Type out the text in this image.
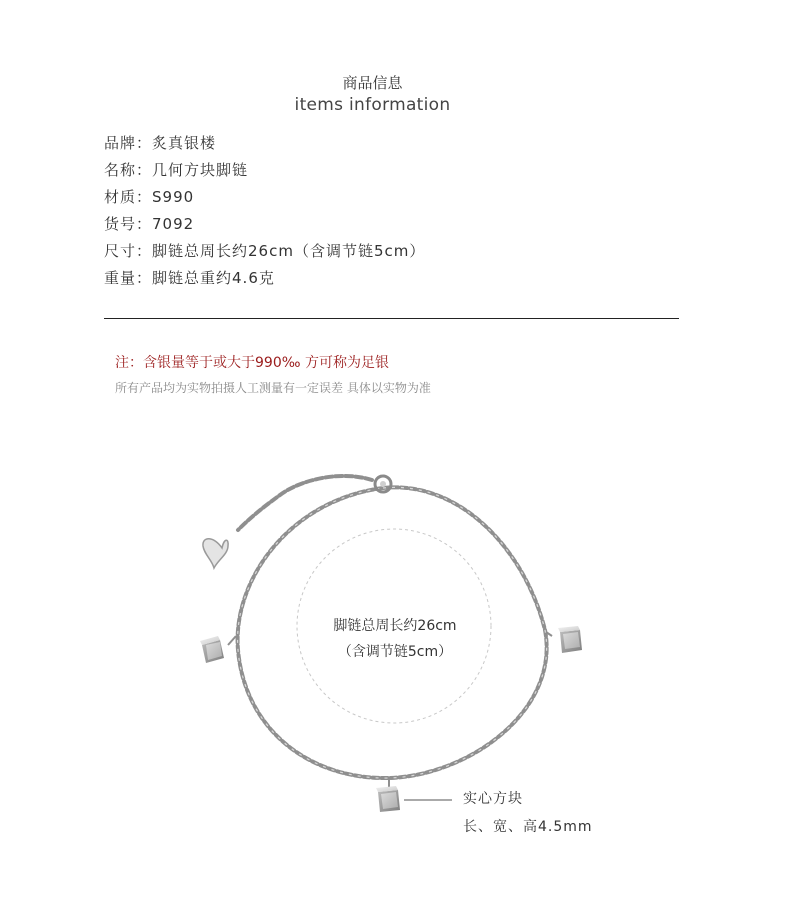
商品信息
items information
品牌：炙真银楼
名称：几何方块脚链
材质：S990
货号：7092
尺寸：脚链总周长约26cm（含调节链5cm）
重量：脚链总重约4.6克
注：含银量等于或大于990‰ 方可称为足银
所有产品均为实物拍摄人工测量有一定误差 具体以实物为准
脚链总周长约26cm
（含调节链5cm）
实心方块
长、宽、高4.5mm
